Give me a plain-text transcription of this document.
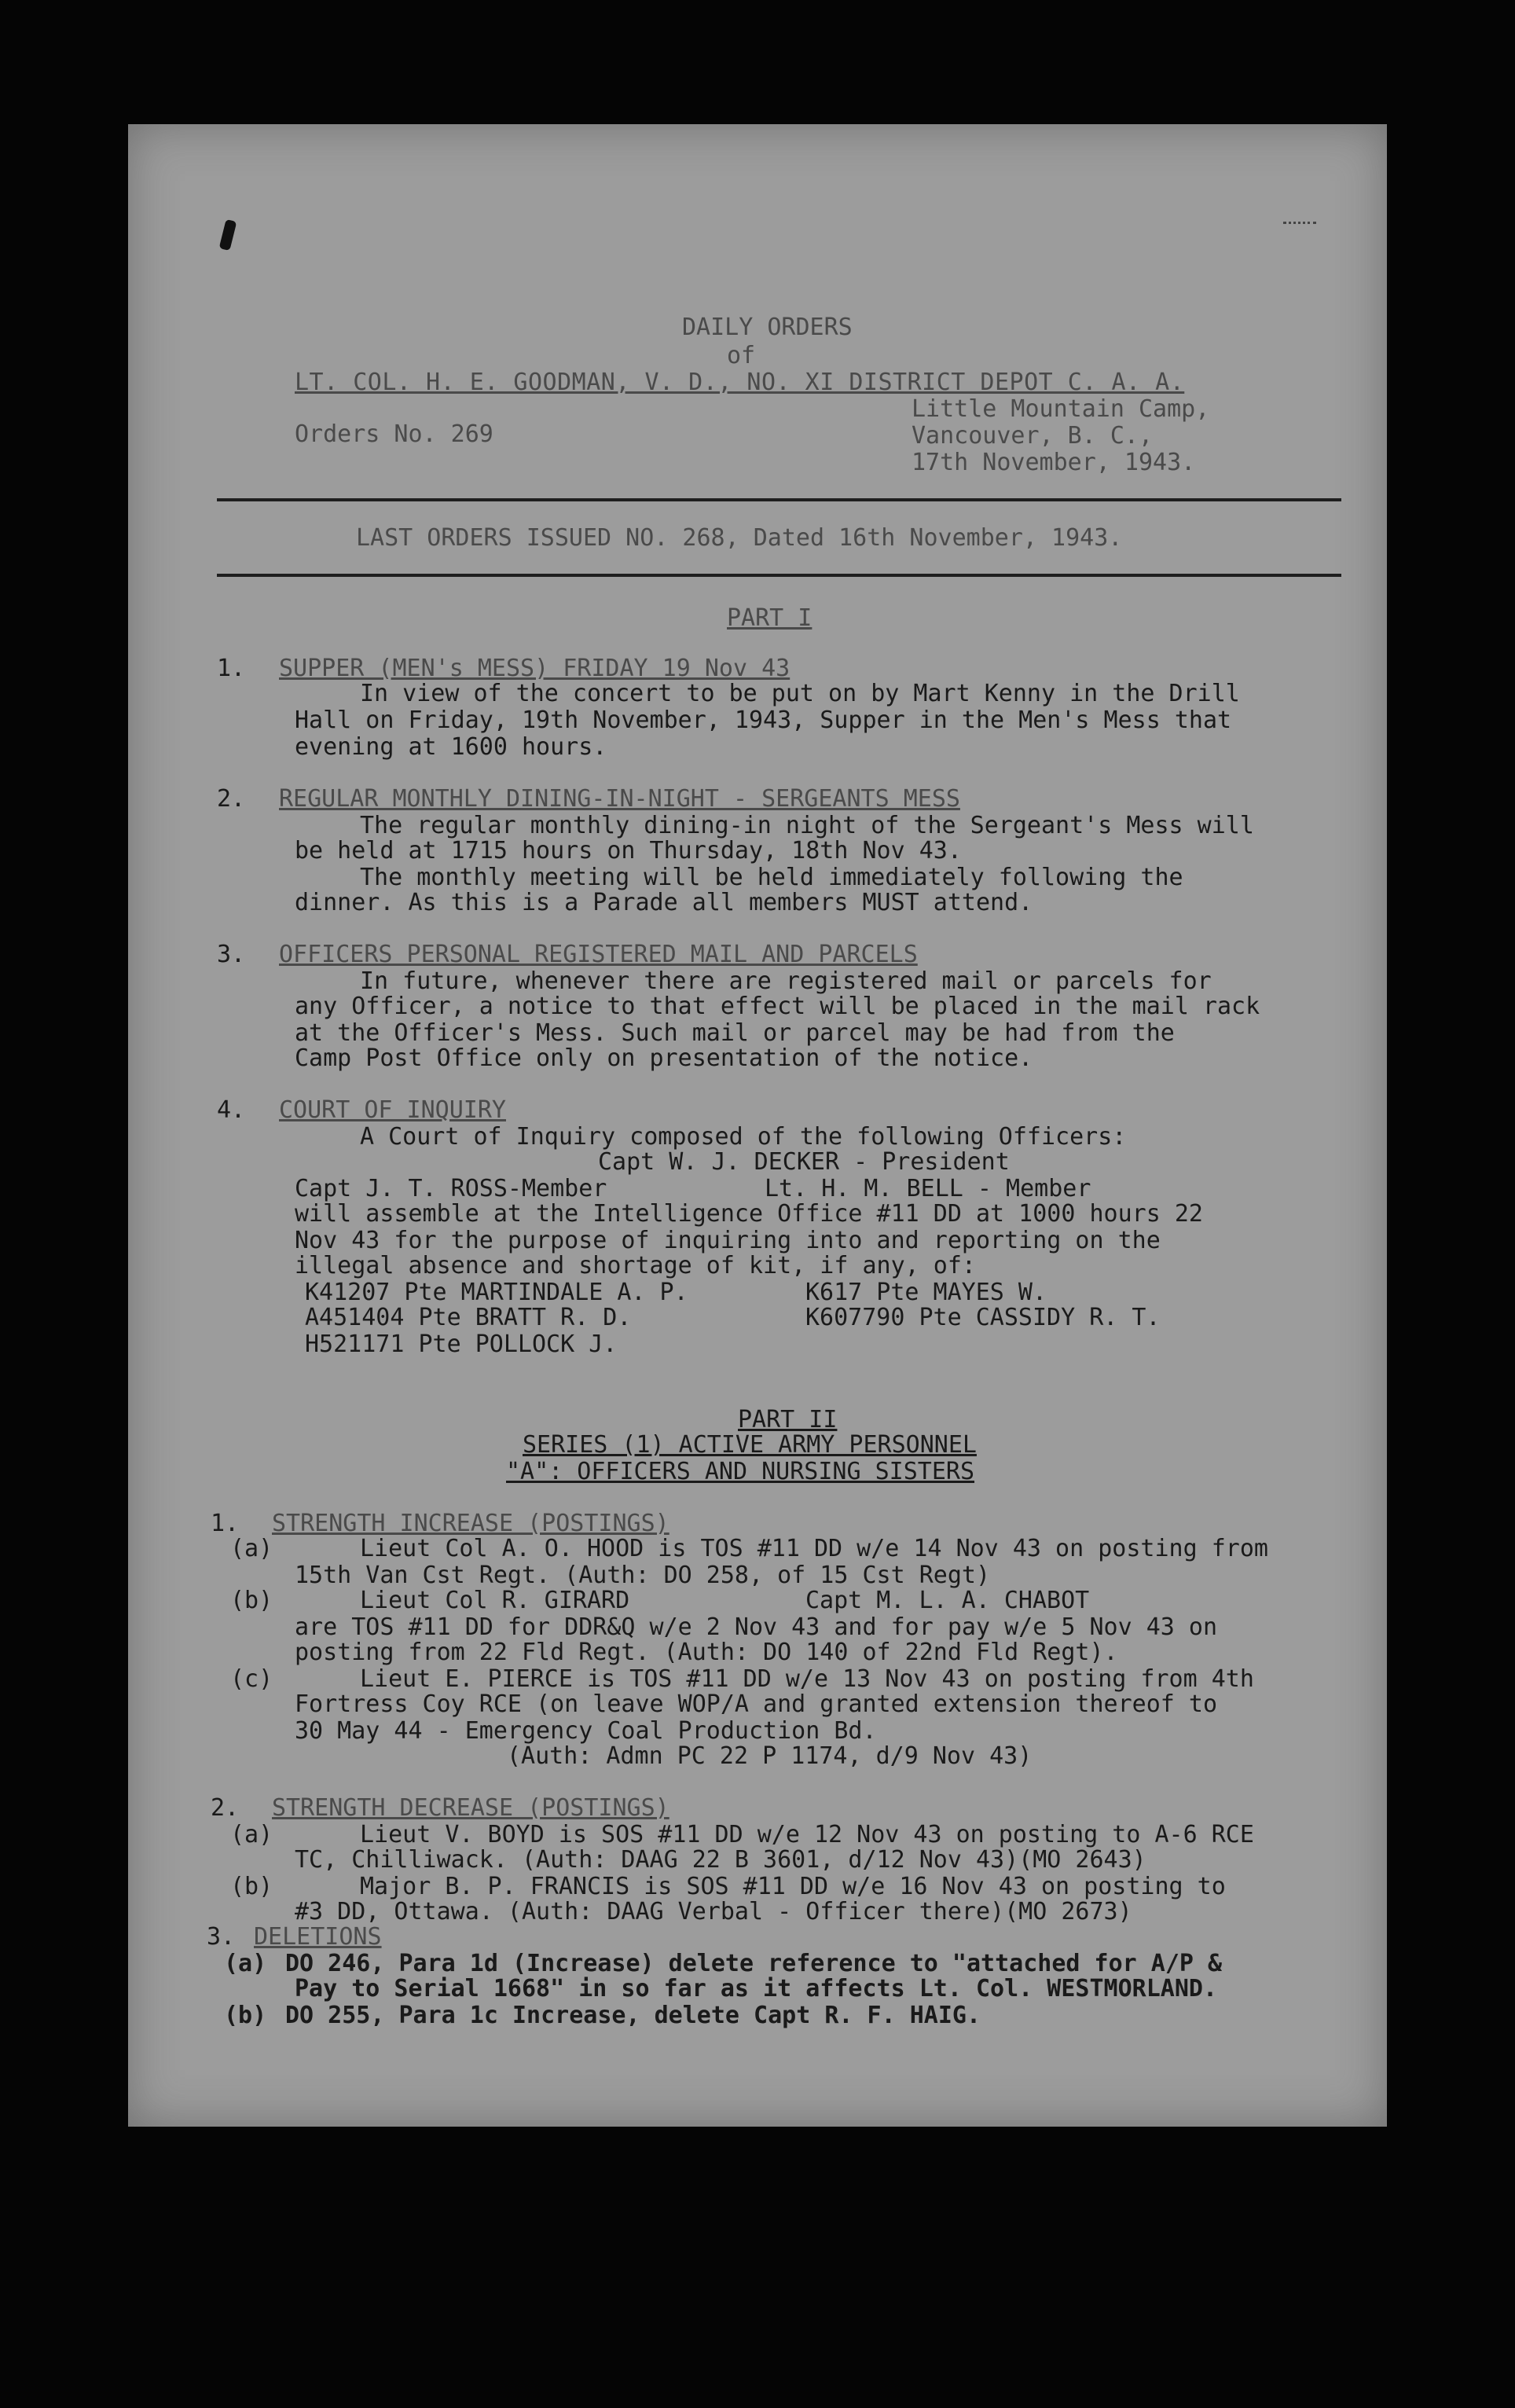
DAILY ORDERS
of
LT. COL. H. E. GOODMAN, V. D., NO. XI DISTRICT DEPOT C. A. A.
Little Mountain Camp,
Orders No. 269	Vancouver, B. C.,
17th November, 1943.
LAST ORDERS ISSUED NO. 268, Dated 16th November, 1943.
PART I
1. SUPPER (MEN's MESS) FRIDAY 19 Nov 43
In view of the concert to be put on by Mart Kenny in the Drill
Hall on Friday, 19th November, 1943, Supper in the Men's Mess that
evening at 1600 hours.
2. REGULAR MONTHLY DINING-IN-NIGHT - SERGEANTS MESS
The regular monthly dining-in night of the Sergeant's Mess will
be held at 1715 hours on Thursday, 18th Nov 43.
The monthly meeting will be held immediately following the
dinner. As this is a Parade all members MUST attend.
3. OFFICERS PERSONAL REGISTERED MAIL AND PARCELS
In future, whenever there are registered mail or parcels for
any Officer, a notice to that effect will be placed in the mail rack
at the Officer's Mess. Such mail or parcel may be had from the
Camp Post Office only on presentation of the notice.
4. COURT OF INQUIRY
A Court of Inquiry composed of the following Officers:
Capt W. J. DECKER - President
Capt J. T. ROSS-Member	Lt. H. M. BELL - Member
will assemble at the Intelligence Office #11 DD at 1000 hours 22
Nov 43 for the purpose of inquiring into and reporting on the
illegal absence and shortage of kit, if any, of:
K41207 Pte MARTINDALE A. P.	K617 Pte MAYES W.
A451404 Pte BRATT R. D.	K607790 Pte CASSIDY R. T.
H521171 Pte POLLOCK J.
PART II
SERIES (1) ACTIVE ARMY PERSONNEL
"A": OFFICERS AND NURSING SISTERS
1. STRENGTH INCREASE (POSTINGS)
(a)	Lieut Col A. O. HOOD is TOS #11 DD w/e 14 Nov 43 on posting from
15th Van Cst Regt. (Auth: DO 258, of 15 Cst Regt)
(b)	Lieut Col R. GIRARD	Capt M. L. A. CHABOT
are TOS #11 DD for DDR&Q w/e 2 Nov 43 and for pay w/e 5 Nov 43 on
posting from 22 Fld Regt. (Auth: DO 140 of 22nd Fld Regt).
(c)	Lieut E. PIERCE is TOS #11 DD w/e 13 Nov 43 on posting from 4th
Fortress Coy RCE (on leave WOP/A and granted extension thereof to
30 May 44 - Emergency Coal Production Bd.
(Auth: Admn PC 22 P 1174, d/9 Nov 43)
2. STRENGTH DECREASE (POSTINGS)
(a)	Lieut V. BOYD is SOS #11 DD w/e 12 Nov 43 on posting to A-6 RCE
TC, Chilliwack. (Auth: DAAG 22 B 3601, d/12 Nov 43)(MO 2643)
(b)	Major B. P. FRANCIS is SOS #11 DD w/e 16 Nov 43 on posting to
#3 DD, Ottawa. (Auth: DAAG Verbal - Officer there)(MO 2673)
3. DELETIONS
(a) DO 246, Para 1d (Increase) delete reference to "attached for A/P &
Pay to Serial 1668" in so far as it affects Lt. Col. WESTMORLAND.
(b) DO 255, Para 1c Increase, delete Capt R. F. HAIG.
